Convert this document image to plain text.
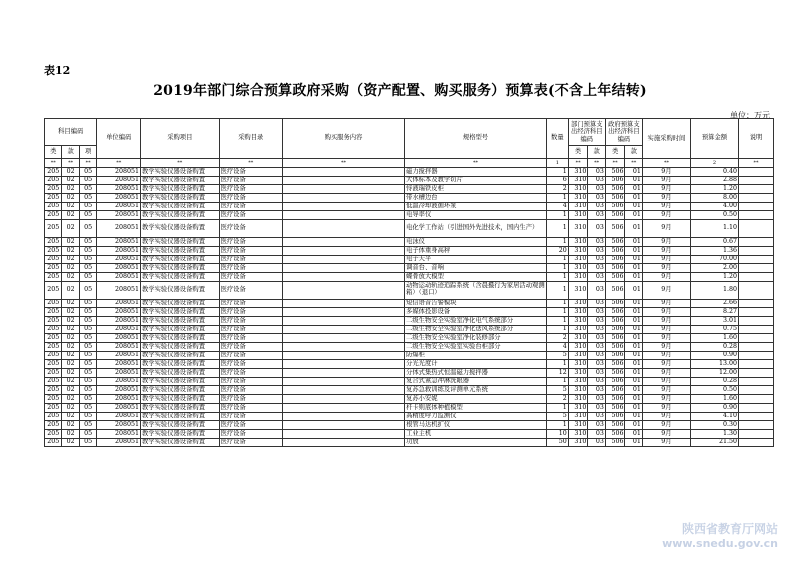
表12
2019年部门综合预算政府采购（资产配置、购买服务）预算表(不含上年结转)
单位：万元
科目编码			单位编码	采购项目	采购目录	购买服务内容	规格型号	数量	部门预算支出经济科目编码		政府预算支出经济科目编码		实施采购时间	预算金额	说明
类	款	项							类	款	类	款			
**	**	**	**	**	**	**	**	1	**	**	**	**	**	2	**
205	02	05	208051	教学实验仪器设备购置	医疗设备		磁力搅拌器	1	310	03	506	01	9月	0.40	
205	02	05	208051	教学实验仪器设备购置	医疗设备		大体标本及教学切片	6	310	03	506	01	9月	2.88	
205	02	05	208051	教学实验仪器设备购置	医疗设备		恃液瑞铁皮柜	2	310	03	506	01	9月	1.20	
205	02	05	208051	教学实验仪器设备购置	医疗设备		带水槽边台	1	310	03	506	01	9月	8.00	
205	02	05	208051	教学实验仪器设备购置	医疗设备		低温冷却液循环泵	4	310	03	506	01	9月	4.00	
205	02	05	208051	教学实验仪器设备购置	医疗设备		电导率仪	1	310	03	506	01	9月	0.50	
205	02	05	208051	教学实验仪器设备购置	医疗设备		电化学工作站（引进国外先进技术，国内生产）	1	310	03	506	01	9月	1.10	
205	02	05	208051	教学实验仪器设备购置	医疗设备		电泳仪	1	310	03	506	01	9月	0.67	
205	02	05	208051	教学实验仪器设备购置	医疗设备		电子体重身高秤	20	310	03	506	01	9月	1.36	
205	02	05	208051	教学实验仪器设备购置	医疗设备		电子天平	1	310	03	506	01	9月	70.00	
205	02	05	208051	教学实验仪器设备购置	医疗设备		调音台、音响	1	310	03	506	01	9月	2.00	
205	02	05	208051	教学实验仪器设备购置	医疗设备		蝶骨放大模型	1	310	03	506	01	9月	1.20	
205	02	05	208051	教学实验仪器设备购置	医疗设备		动物运动轨迹追踪系统（含晨摄行为家居活动观测箱）（退口）	1	310	03	506	01	9月	1.80	
205	02	05	208051	教学实验仪器设备购置	医疗设备		短信语音告警模块	1	310	03	506	01	9月	2.66	
205	02	05	208051	教学实验仪器设备购置	医疗设备		多媒体投影设备	1	310	03	506	01	9月	8.27	
205	02	05	208051	教学实验仪器设备购置	医疗设备		二级生物安全实验室净化电气系统部分	1	310	03	506	01	9月	3.01	
205	02	05	208051	教学实验仪器设备购置	医疗设备		二级生物安全实验室净化送风系统部分	1	310	03	506	01	9月	0.75	
205	02	05	208051	教学实验仪器设备购置	医疗设备		二级生物安全实验室净化装修部分	2	310	03	506	01	9月	1.60	
205	02	05	208051	教学实验仪器设备购置	医疗设备		二级生物安全实验室实验台柜部分	4	310	03	506	01	9月	0.28	
205	02	05	208051	教学实验仪器设备购置	医疗设备		防爆柜	5	310	03	506	01	9月	0.90	
205	02	05	208051	教学实验仪器设备购置	医疗设备		分光光度计	1	310	03	506	01	9月	13.00	
205	02	05	208051	教学实验仪器设备购置	医疗设备		分体式集热式恒温磁力搅拌器	12	310	03	506	01	9月	12.00	
205	02	05	208051	教学实验仪器设备购置	医疗设备		复合式紧急冲淋洗眼器	1	310	03	506	01	9月	0.28	
205	02	05	208051	教学实验仪器设备购置	医疗设备		复苏急救训练及评测单元系统	5	310	03	506	01	9月	0.50	
205	02	05	208051	教学实验仪器设备购置	医疗设备		复苏小安妮	2	310	03	506	01	9月	1.60	
205	02	05	208051	教学实验仪器设备购置	医疗设备		杆卡则底体种植模型	1	310	03	506	01	9月	0.90	
205	02	05	208051	教学实验仪器设备购置	医疗设备		高精度呼力监测仪	5	310	03	506	01	9月	4.10	
205	02	05	208051	教学实验仪器设备购置	医疗设备		根管马达机扩仪	1	310	03	506	01	9月	0.30	
205	02	05	208051	教学实验仪器设备购置	医疗设备		工业主机	10	310	03	506	01	9月	1.30	
205	02	05	208051	教学实验仪器设备购置	医疗设备		功放	50	310	03	506	01	9月	21.50	
陕西省教育厅网站
www.snedu.gov.cn
